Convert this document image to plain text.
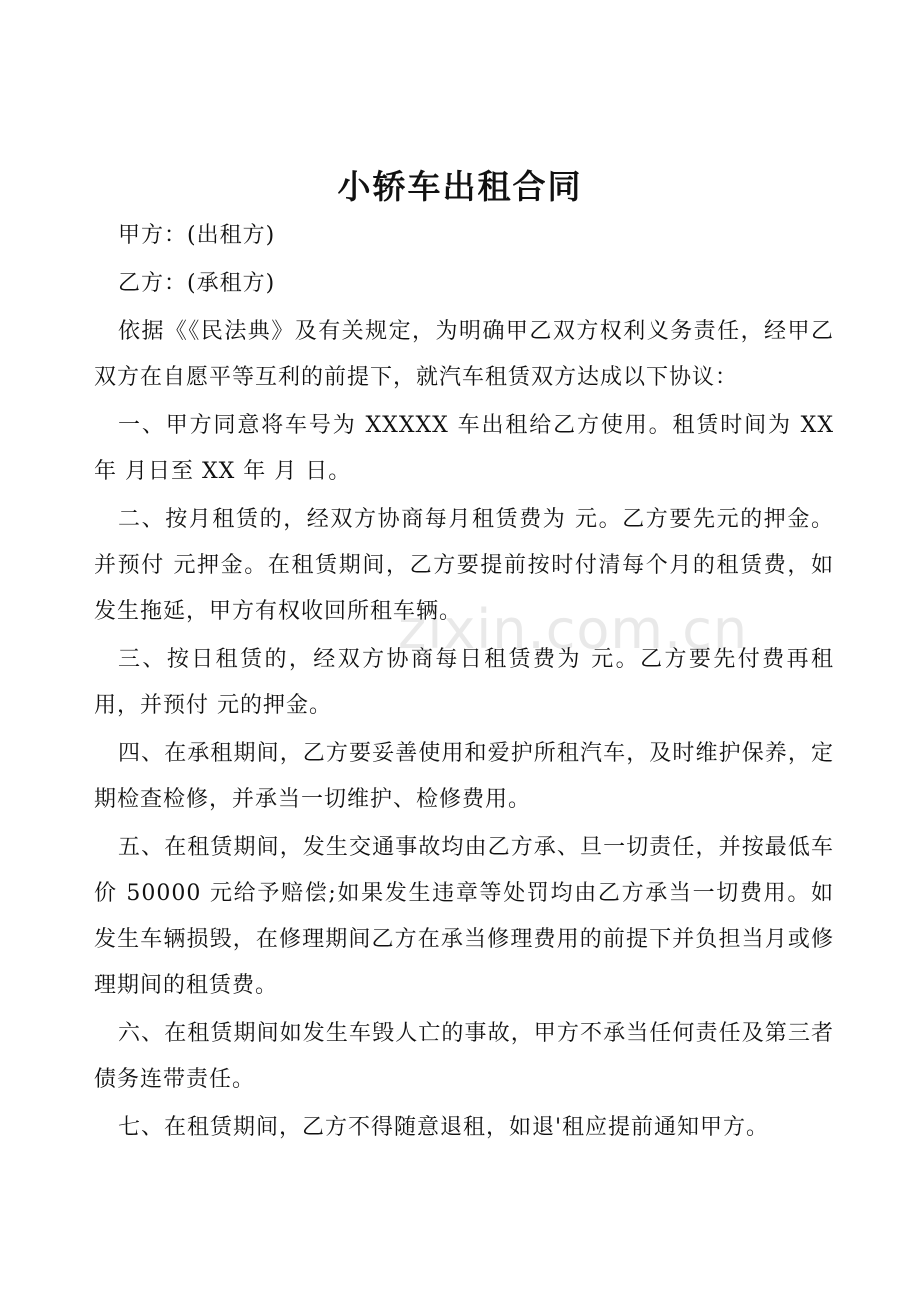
zixin.com.cn
小轿车出租合同

甲方：(出租方)

乙方：(承租方)

依据《《民法典》及有关规定，为明确甲乙双方权利义务责任，经甲乙双方在自愿平等互利的前提下，就汽车租赁双方达成以下协议：

一、甲方同意将车号为 XXXXX 车出租给乙方使用。租赁时间为 XX 年 月日至 XX 年 月 日。

二、按月租赁的，经双方协商每月租赁费为 元。乙方要先元的押金。并预付 元押金。在租赁期间，乙方要提前按时付清每个月的租赁费，如发生拖延，甲方有权收回所租车辆。

三、按日租赁的，经双方协商每日租赁费为 元。乙方要先付费再租用，并预付 元的押金。

四、在承租期间，乙方要妥善使用和爱护所租汽车，及时维护保养，定期检查检修，并承当一切维护、检修费用。

五、在租赁期间，发生交通事故均由乙方承、旦一切责任，并按最低车价 50000 元给予赔偿;如果发生违章等处罚均由乙方承当一切费用。如发生车辆损毁，在修理期间乙方在承当修理费用的前提下并负担当月或修理期间的租赁费。

六、在租赁期间如发生车毁人亡的事故，甲方不承当任何责任及第三者债务连带责任。

七、在租赁期间，乙方不得随意退租，如退'租应提前通知甲方。
